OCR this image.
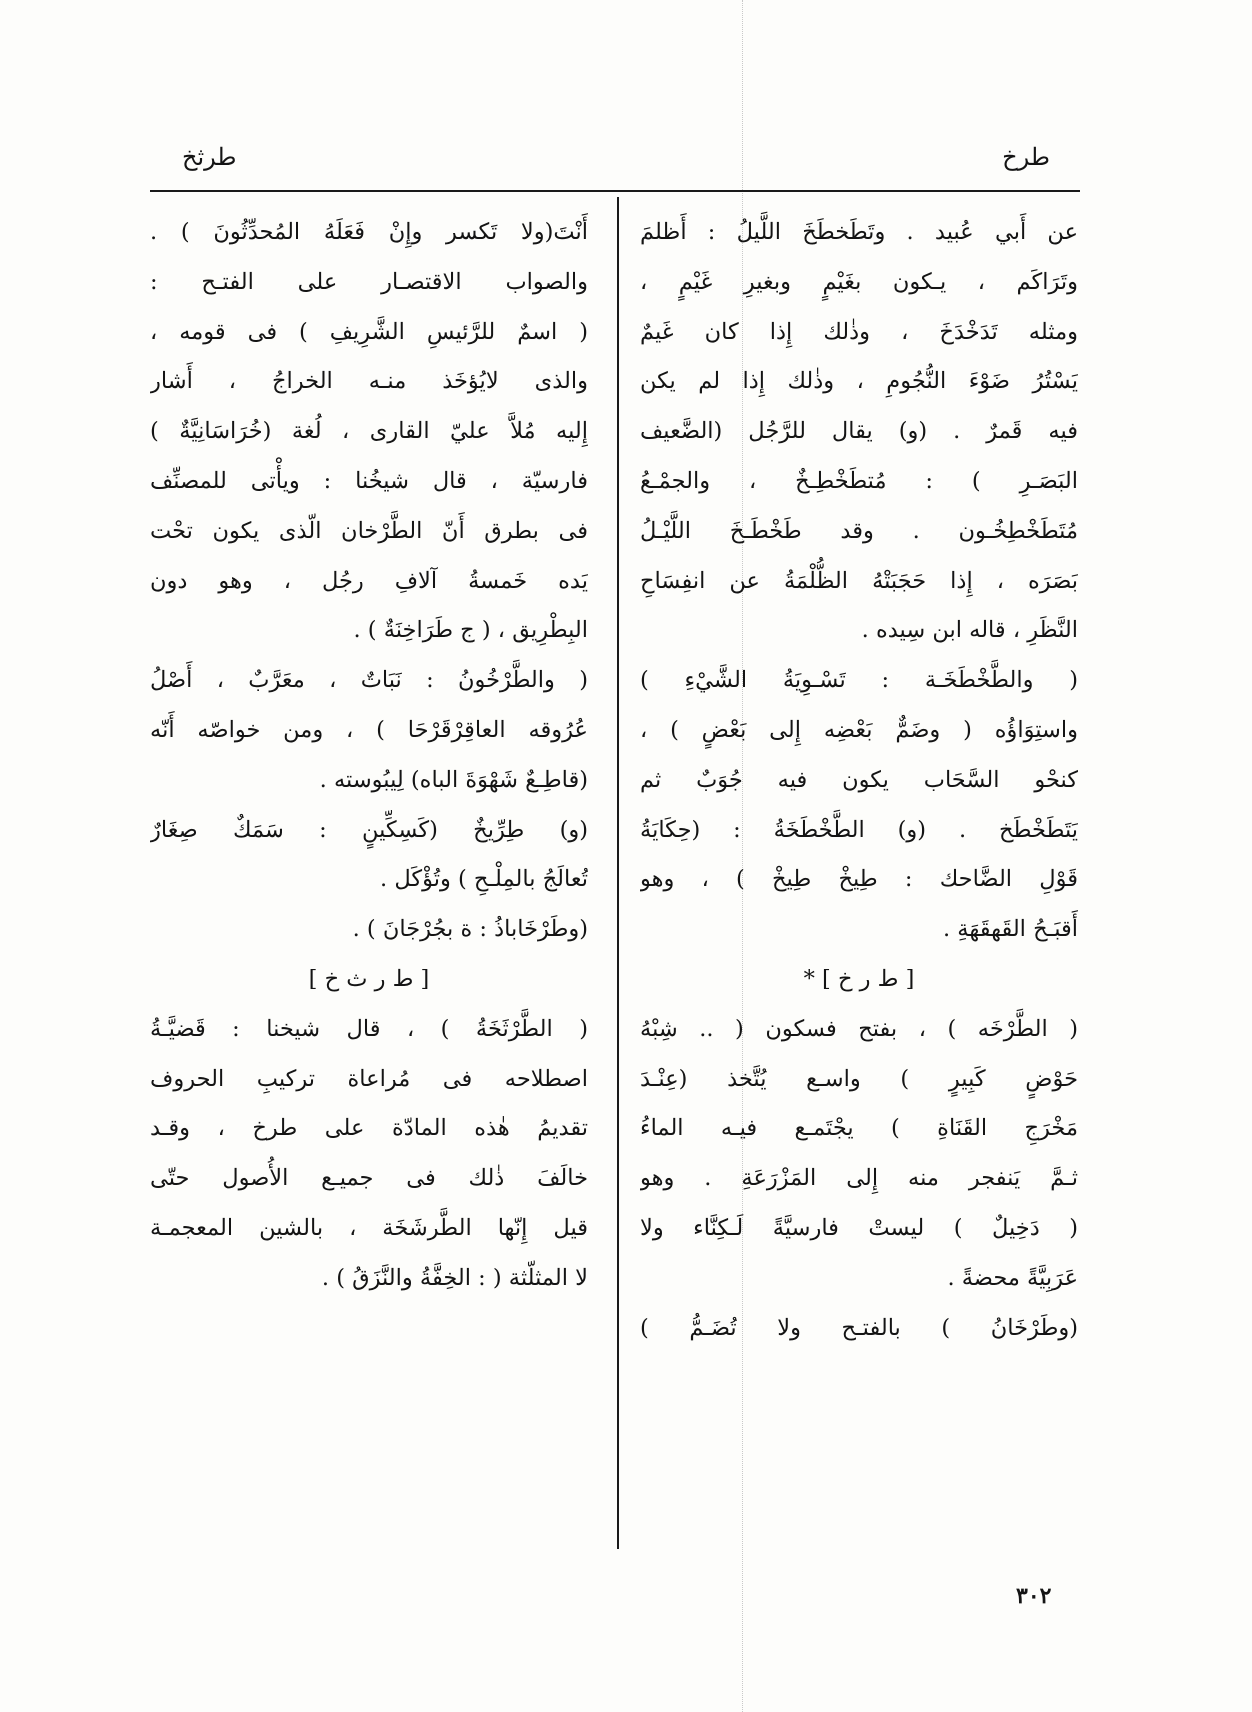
طرخ
طرثخ
عن أَبي عُبيد . وتَطَخطَخَ اللَّيلُ : أَظلمَ
وتَرَاكَم ، يـكون بغَيْمٍ وبغيرِ غَيْمٍ ،
ومثله تَدَخْدَخَ ، وذٰلك إِذا كان غَيمٌ
يَسْتُرُ ضَوْءَ النُّجُومِ ، وذٰلك إِذا لم يكن
فيه قَمرٌ . (و) يقال للرَّجُل (الضَّعيف
البَصَـرِ ) : مُتطَخْطِـخٌ ، والجمْـعُ
مُتَطَخْطِخُـون . وقد طَخْطَـخَ اللَّيْـلُ
بَصَرَه ، إِذا حَجَبَتْهُ الظُّلْمَةُ عن انفِسَاحِ
النَّظَرِ ، قاله ابن سِيده .
( والطَّخْطَخَـة : تَسْـوِيَةُ الشَّيْءِ )
واستِوَاؤُه ( وضَمٌّ بَعْضِه إِلى بَعْضٍ ) ،
كنحْو السَّحَاب يكون فيه جُوَبٌ ثم
يَتَطَخْطَخ . (و) الطَّخْطَخَةُ : (حِكَايَةُ
قَوْلِ الضَّاحك : طِيخْ طِيخْ ) ، وهو
أَقبَـحُ القَهقَهَةِ .
[ ط ر خ ] *
( الطَّرْخَه ) ، بفتح فسكون ( .. شِبْهُ
حَوْضٍ كَبِيرٍ ) واسـع يُتَّخذ (عِنْـدَ
مَخْرَجِ القَنَاةِ ) يجْتَمـع فيـه الماءُ
ثـمَّ يَنفجر منه إِلى المَزْرَعَةِ . وهو
( دَخِيلٌ ) ليستْ فارسيَّةً لَـكِنَّاء ولا
عَرَبِيَّةً محضةً .
(وطَرْخَانُ ) بالفتـح ولا تُضَـمُّ )
أَنْتَ(ولا تَكسر وإِنْ فَعَلَهُ المُحدِّثُونَ ) .
والصواب الاقتصـار على الفتـح :
( اسمٌ للرَّئيسِ الشَّرِيفِ ) فى قومه ،
والذى لايُؤخَذ منـه الخراجُ ، أَشار
إِليه مُلاَّ عليّ القارى ، لُغة (خُرَاسَانِيَّةٌ )
فارسيّة ، قال شيخُنا : ويأْتى للمصنِّف
فى بطرق أَنّ الطَّرْخان الّذى يكون تحْت
يَده خَمسةُ آلافِ رجُل ، وهو دون
البِطْرِيق ، ( ج طَرَاخِنَةٌ ) .
( والطَّرْخُونُ : نَبَاتٌ ، معَرَّبٌ ، أَصْلُ
عُرُوقه العاقِرْقَرْحَا ) ، ومن خواصّه أَنّه
(قاطِـعٌ شَهْوَةَ الباه) لِيبُوسته .
(و) طِرِّيخٌ (كَسِكِّينٍ : سَمَكٌ صِغَارٌ
تُعالَجُ بالمِلْـحِ ) وتُؤْكَل .
(وطَرْخَاباذُ : ة بجُرْجَانَ ) .
[ ط ر ث خ ]
( الطَّرْثَخَةُ ) ، قال شيخنا : قَضيَّـةُ
اصطلاحه فى مُراعاة تركيبِ الحروف
تقديمُ هٰذه المادّة على طرخ ، وقـد
خالَفَ ذٰلك فى جميـع الأُصول حتّى
قيل إِنّها الطَّرشَخَة ، بالشين المعجمـة
لا المثلّثة ( : الخِفَّةُ والنَّزَقُ ) .
٣٠٢
